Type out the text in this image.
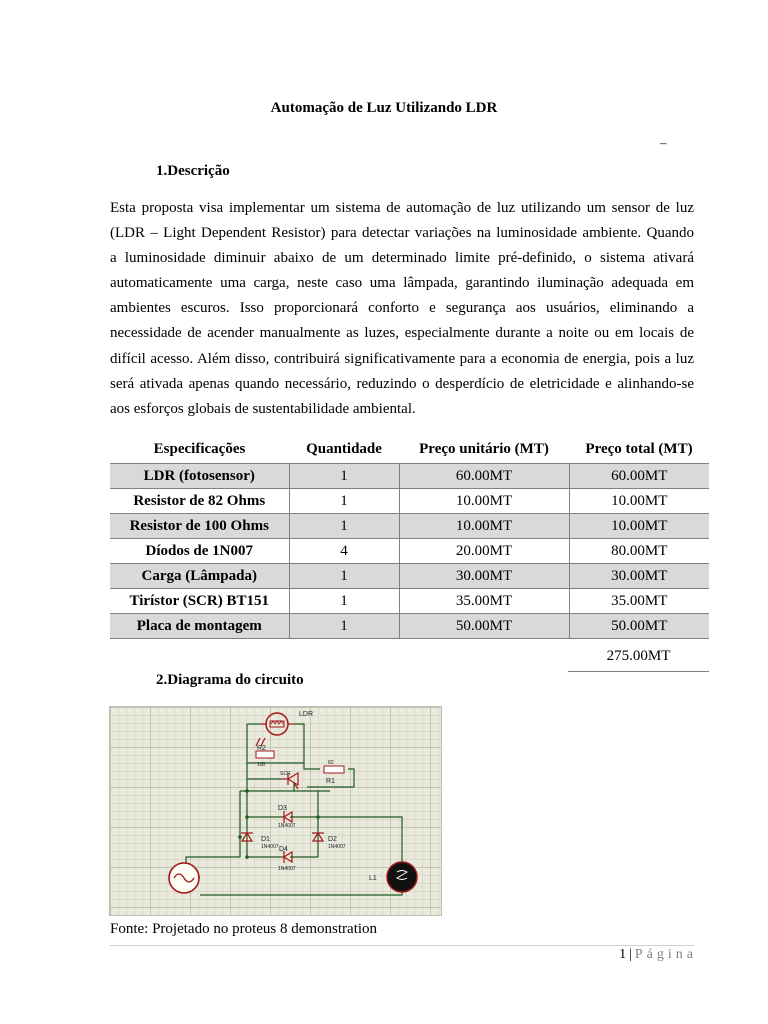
Automação de Luz Utilizando LDR
–
1.Descrição
Esta proposta visa implementar um sistema de automação de luz utilizando um sensor de luz
(LDR – Light Dependent Resistor) para detectar variações na luminosidade ambiente. Quando
a luminosidade diminuir abaixo de um determinado limite pré-definido, o sistema ativará
automaticamente uma carga, neste caso uma lâmpada, garantindo iluminação adequada em
ambientes escuros. Isso proporcionará conforto e segurança aos usuários, eliminando a
necessidade de acender manualmente as luzes, especialmente durante a noite ou em locais de
difícil acesso. Além disso, contribuirá significativamente para a economia de energia, pois a luz
será ativada apenas quando necessário, reduzindo o desperdício de eletricidade e alinhando-se
aos esforços globais de sustentabilidade ambiental.
Especificações	Quantidade	Preço unitário (MT)	Preço total (MT)
LDR (fotosensor)	1	60.00MT	60.00MT
Resistor de 82 Ohms	1	10.00MT	10.00MT
Resistor de 100 Ohms	1	10.00MT	10.00MT
Díodos de 1N007	4	20.00MT	80.00MT
Carga (Lâmpada)	1	30.00MT	30.00MT
Tirístor (SCR) BT151	1	35.00MT	35.00MT
Placa de montagem	1	50.00MT	50.00MT
275.00MT
2.Diagrama do circuito
LDR
R2
100	82
R1
SCR
D3
1N4007
D1
1N4007 D4
1N4007
D2
1N4007
L1
Fonte: Projetado no proteus 8 demonstration
1 | Página
